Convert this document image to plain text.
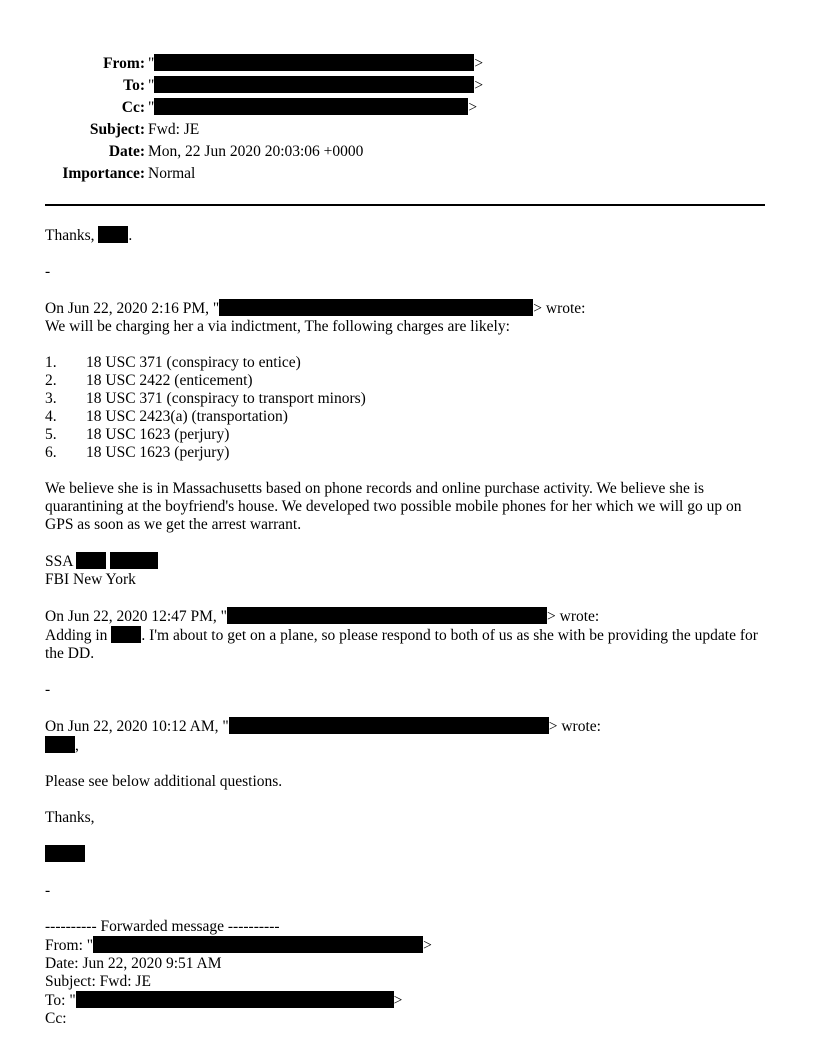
From: "	>
To: "	>
Cc: "	>
Subject: Fwd: JE
Date: Mon, 22 Jun 2020 20:03:06 +0000
Importance: Normal

Thanks, .

-

On Jun 22, 2020 2:16 PM, "	> wrote:

We will be charging her a via indictment, The following charges are likely:

1.	18 USC 371 (conspiracy to entice)
2.	18 USC 2422 (enticement)
3.	18 USC 371 (conspiracy to transport minors)
4.	18 USC 2423(a) (transportation)
5.	18 USC 1623 (perjury)
6.	18 USC 1623 (perjury)

We believe she is in Massachusetts based on phone records and online purchase activity. We believe she is quarantining at the boyfriend's house. We developed two possible mobile phones for her which we will go up on GPS as soon as we get the arrest warrant.

SSA

FBI New York

On Jun 22, 2020 12:47 PM, "	> wrote:

Adding in . I'm about to get on a plane, so please respond to both of us as she with be providing the update for the DD.

-

On Jun 22, 2020 10:12 AM, "	> wrote:

,

Please see below additional questions.

Thanks,

-

---------- Forwarded message ----------

From: "	>

Date: Jun 22, 2020 9:51 AM

Subject: Fwd: JE

To: "	>

Cc:
